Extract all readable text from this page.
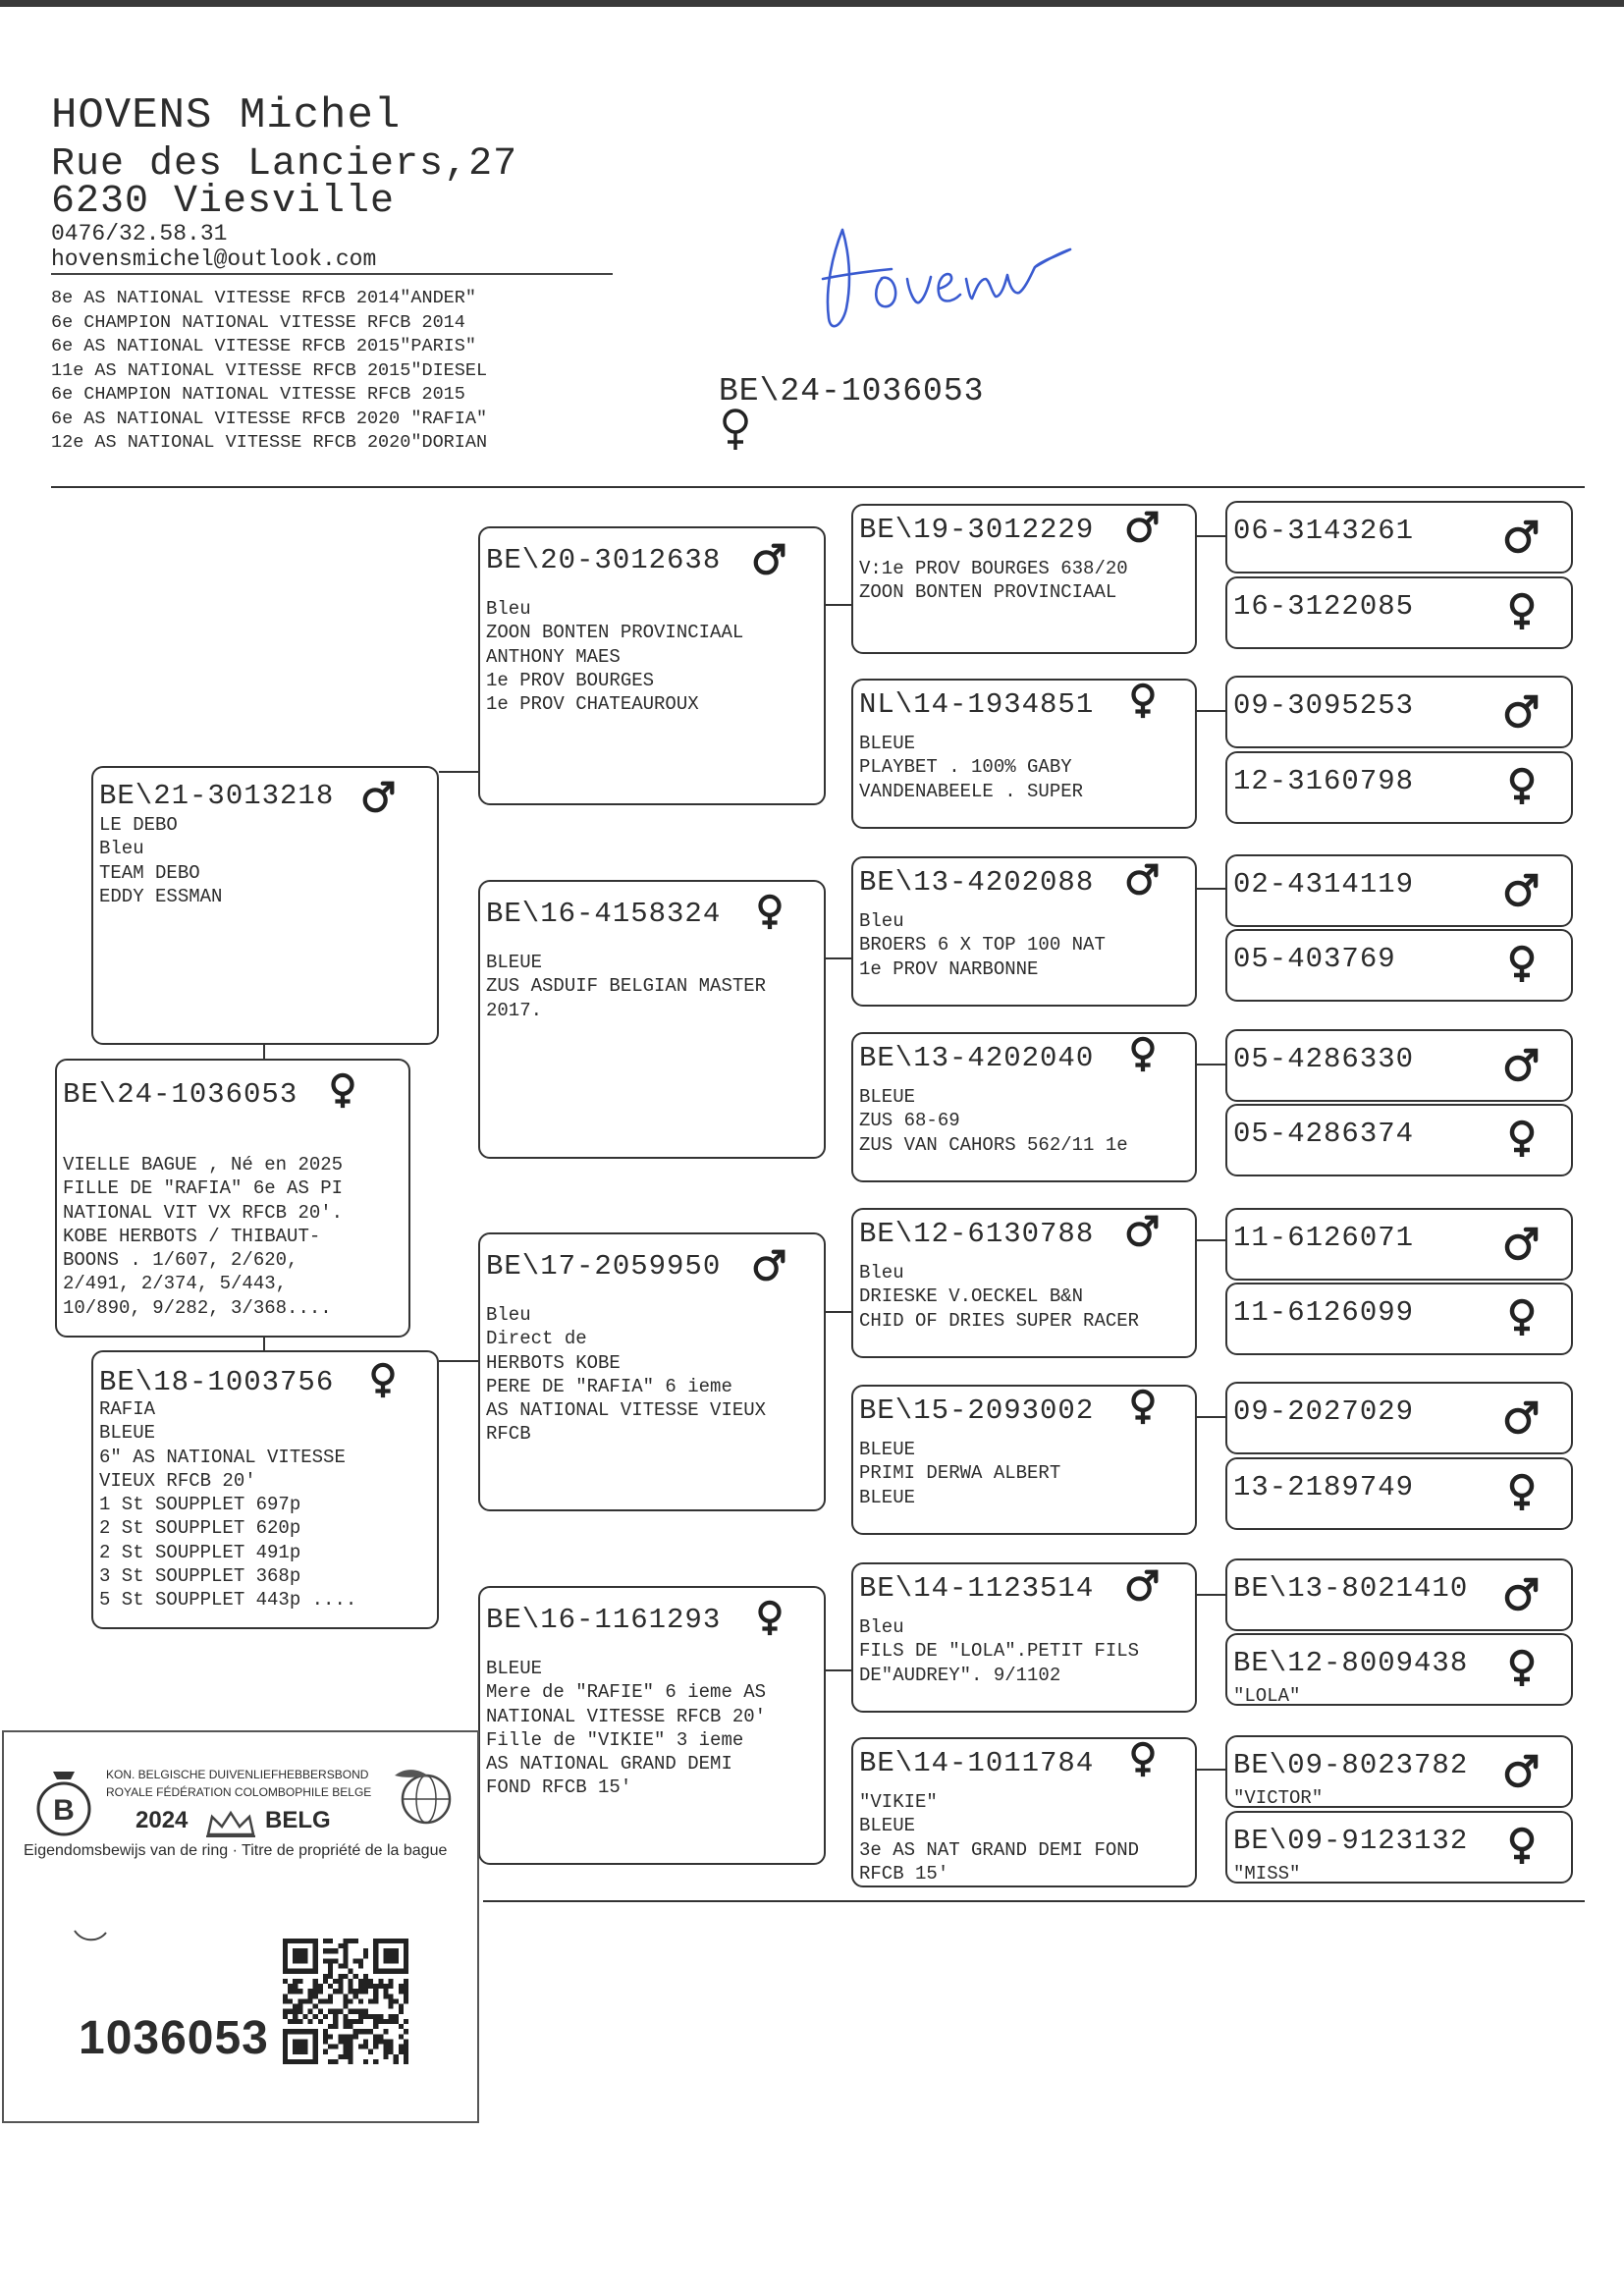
HOVENS Michel
Rue des Lanciers,27
6230 Viesville
0476/32.58.31
hovensmichel@outlook.com
8e AS NATIONAL VITESSE RFCB 2014"ANDER"
6e CHAMPION NATIONAL VITESSE RFCB 2014
6e AS NATIONAL VITESSE RFCB 2015"PARIS"
11e AS NATIONAL VITESSE RFCB 2015"DIESEL
6e CHAMPION NATIONAL VITESSE RFCB 2015
6e AS NATIONAL VITESSE RFCB 2020 "RAFIA"
12e AS NATIONAL VITESSE RFCB 2020"DORIAN
BE\24-1036053
BE\24-1036053
VIELLE BAGUE , Né en 2025
FILLE DE "RAFIA" 6e AS PI
NATIONAL VIT VX RFCB 20'.
KOBE HERBOTS / THIBAUT-
BOONS . 1/607, 2/620,
2/491, 2/374, 5/443,
10/890, 9/282, 3/368....
BE\21-3013218
LE DEBO
Bleu
TEAM DEBO
EDDY ESSMAN
BE\18-1003756
RAFIA
BLEUE
6" AS NATIONAL VITESSE
VIEUX RFCB 20'
1 St SOUPPLET 697p
2 St SOUPPLET 620p
2 St SOUPPLET 491p
3 St SOUPPLET 368p
5 St SOUPPLET 443p ....
BE\20-3012638
Bleu
ZOON BONTEN PROVINCIAAL
ANTHONY MAES
1e PROV BOURGES
1e PROV CHATEAUROUX
BE\16-4158324
BLEUE
ZUS ASDUIF BELGIAN MASTER
2017.
BE\17-2059950
Bleu
Direct de
HERBOTS KOBE
PERE DE "RAFIA" 6 ieme
AS NATIONAL VITESSE VIEUX
RFCB
BE\16-1161293
BLEUE
Mere de "RAFIE" 6 ieme AS
NATIONAL VITESSE RFCB 20'
Fille de "VIKIE" 3 ieme
AS NATIONAL GRAND DEMI
FOND RFCB 15'
BE\19-3012229
V:1e PROV BOURGES 638/20
ZOON BONTEN PROVINCIAAL
NL\14-1934851
BLEUE
PLAYBET . 100% GABY
VANDENABEELE . SUPER
BE\13-4202088
Bleu
BROERS 6 X TOP 100 NAT
1e PROV NARBONNE
BE\13-4202040
BLEUE
ZUS 68-69
ZUS VAN CAHORS 562/11 1e
BE\12-6130788
Bleu
DRIESKE V.OECKEL B&N
CHID OF DRIES SUPER RACER
BE\15-2093002
BLEUE
PRIMI DERWA ALBERT
BLEUE
BE\14-1123514
Bleu
FILS DE "LOLA".PETIT FILS
DE"AUDREY". 9/1102
BE\14-1011784
"VIKIE"
BLEUE
3e AS NAT GRAND DEMI FOND
RFCB 15'
06-3143261
16-3122085
09-3095253
12-3160798
02-4314119
05-403769
05-4286330
05-4286374
11-6126071
11-6126099
09-2027029
13-2189749
BE\13-8021410
BE\12-8009438
"LOLA"
BE\09-8023782
"VICTOR"
BE\09-9123132
"MISS"
B
KON. BELGISCHE DUIVENLIEFHEBBERSBOND
ROYALE FÉDÉRATION COLOMBOPHILE BELGE
2024	BELG
Eigendomsbewijs van de ring · Titre de propriété de la bague
1036053
